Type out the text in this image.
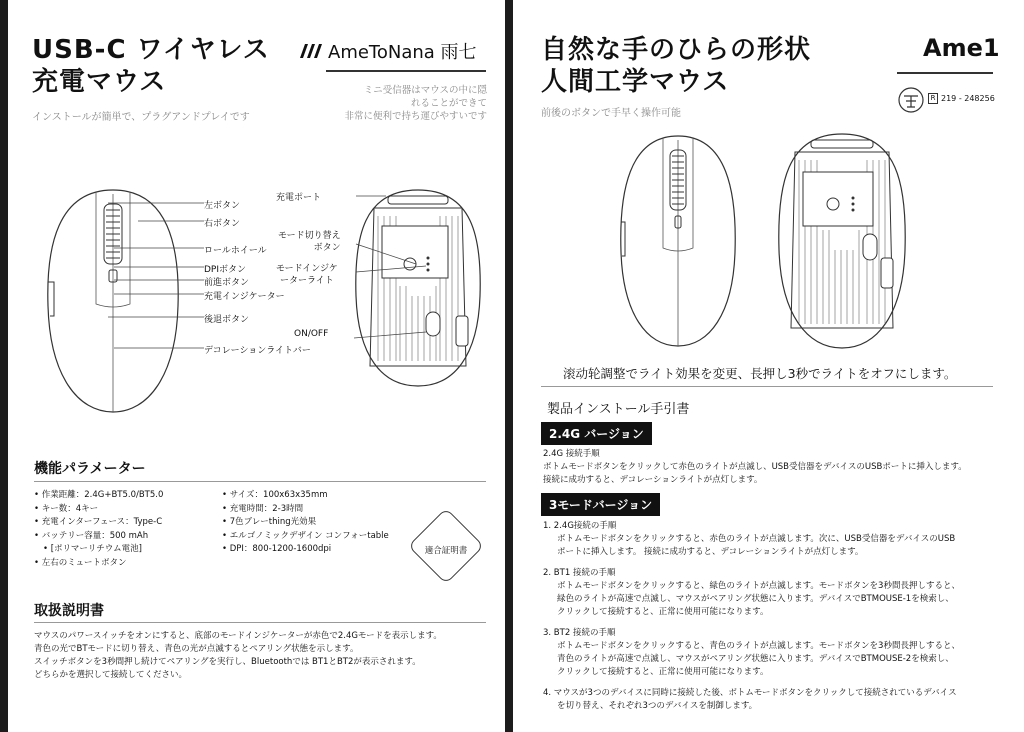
USB-C ワイヤレス
充電マウス
インストールが簡単で、プラグアンドプレイです
AmeToNana 雨七
ミニ受信器はマウスの中に隠
れることができて
非常に便利で持ち運びやすいです
左ボタン
右ボタン
ロールホイール
DPIボタン
前進ボタン
充電インジケーター
後退ボタン
デコレーションライトバー
充電ポート
モード切り替え
ボタン
モードインジケ
ーターライト
ON/OFF
機能パラメーター
• 作業距離：2.4G+BT5.0/BT5.0
• キー数：4キー
• 充電インターフェース：Type-C
• バッテリー容量：500 mAh
• [ポリマーリチウム電池]
• 左右のミュートボタン
• サイズ：100x63x35mm
• 充電時間：2-3時間
• 7色ブレーthing光効果
• エルゴノミックデザイン コンフォーtable
• DPI：800-1200-1600dpi	適合証明書
取扱説明書
マウスのパワースイッチをオンにすると、底部のモードインジケーターが赤色で2.4Gモードを表示します。
青色の光でBTモードに切り替え、青色の光が点滅するとペアリング状態を示します。
スイッチボタンを3秒間押し続けてペアリングを実行し、Bluetoothでは BT1とBT2が表示されます。
どちらかを選択して接続してください。
自然な手のひらの形状
人間工学マウス
前後のボタンで手早く操作可能
Ame1
R 219 - 248256
滚动轮調整でライト効果を変更、長押し3秒でライトをオフにします。
製品インストール手引書
2.4G バージョン
2.4G 接続手順
ボトムモードボタンをクリックして赤色のライトが点滅し、USB受信器をデバイスのUSBポートに挿入します。
接続に成功すると、デコレーションライトが点灯します。
3モードバージョン
1. 2.4G接続の手順
ボトムモードボタンをクリックすると、赤色のライトが点滅します。次に、USB受信器をデバイスのUSB
ポートに挿入します。 接続に成功すると、デコレーションライトが点灯します。
2. BT1 接続の手順
ボトムモードボタンをクリックすると、緑色のライトが点滅します。モードボタンを3秒間長押しすると、
緑色のライトが高速で点滅し、マウスがペアリング状態に入ります。デバイスでBTMOUSE-1を検索し、
クリックして接続すると、正常に使用可能になります。
3. BT2 接続の手順
ボトムモードボタンをクリックすると、青色のライトが点滅します。モードボタンを3秒間長押しすると、
青色のライトが高速で点滅し、マウスがペアリング状態に入ります。デバイスでBTMOUSE-2を検索し、
クリックして接続すると、正常に使用可能になります。
4. マウスが3つのデバイスに同時に接続した後、ボトムモードボタンをクリックして接続されているデバイス
を切り替え、それぞれ3つのデバイスを制御します。
